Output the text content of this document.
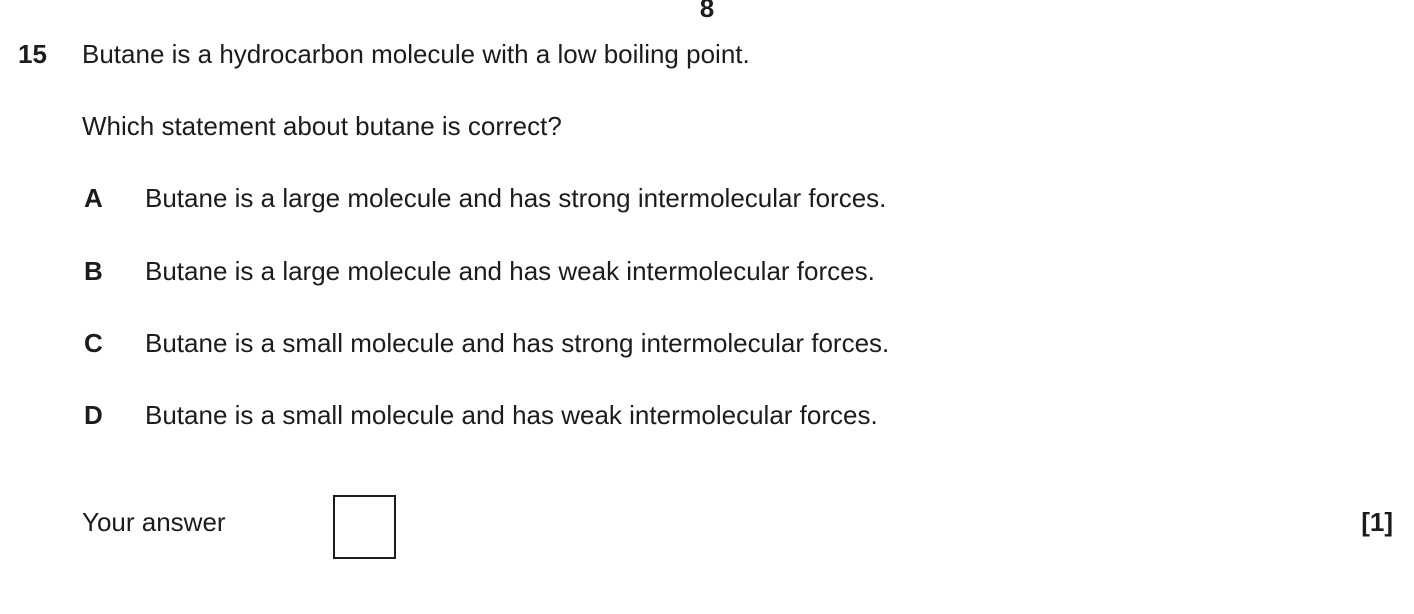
8
15 Butane is a hydrocarbon molecule with a low boiling point.
Which statement about butane is correct?
A Butane is a large molecule and has strong intermolecular forces.
B Butane is a large molecule and has weak intermolecular forces.
C Butane is a small molecule and has strong intermolecular forces.
D Butane is a small molecule and has weak intermolecular forces.
Your answer	[1]
